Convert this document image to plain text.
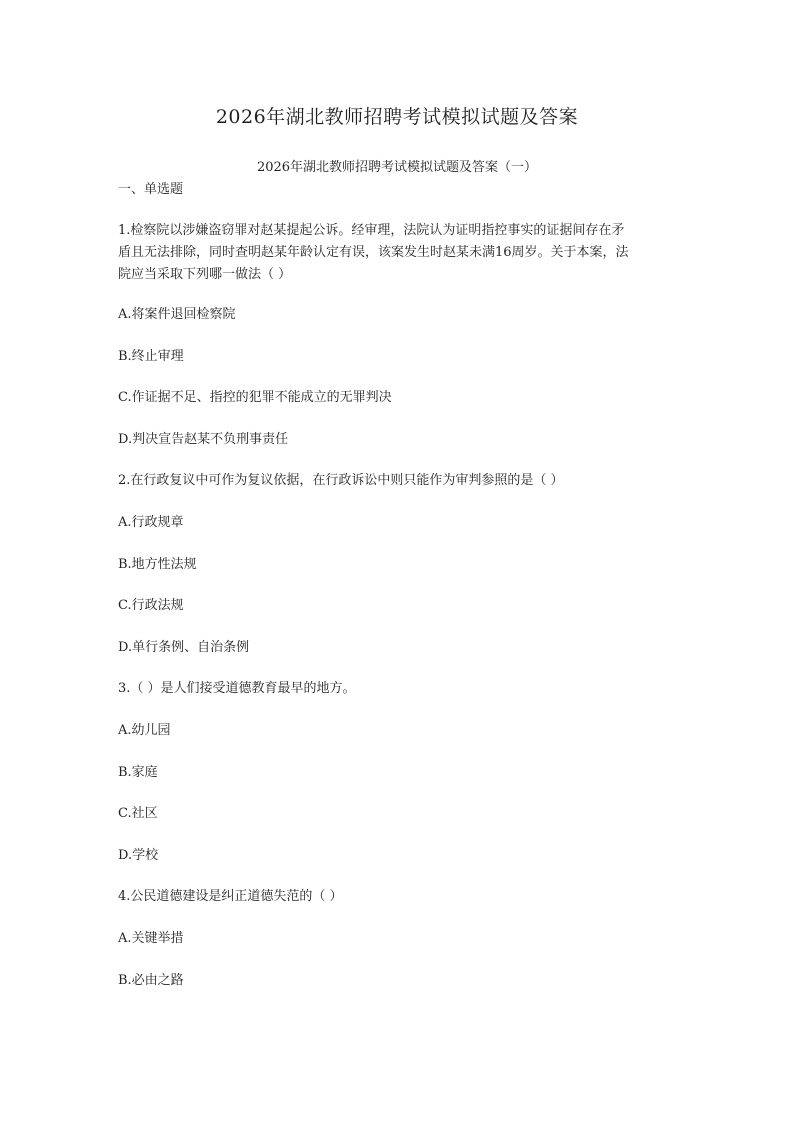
2026年湖北教师招聘考试模拟试题及答案
2026年湖北教师招聘考试模拟试题及答案（一）
一、单选题
1.检察院以涉嫌盗窃罪对赵某提起公诉。经审理，法院认为证明指控事实的证据间存在矛
盾且无法排除，同时查明赵某年龄认定有误，该案发生时赵某未满16周岁。关于本案，法
院应当采取下列哪一做法（ ）
A.将案件退回检察院
B.终止审理
C.作证据不足、指控的犯罪不能成立的无罪判决
D.判决宣告赵某不负刑事责任
2.在行政复议中可作为复议依据，在行政诉讼中则只能作为审判参照的是（ ）
A.行政规章
B.地方性法规
C.行政法规
D.单行条例、自治条例
3.（ ）是人们接受道德教育最早的地方。
A.幼儿园
B.家庭
C.社区
D.学校
4.公民道德建设是纠正道德失范的（ ）
A.关键举措
B.必由之路
